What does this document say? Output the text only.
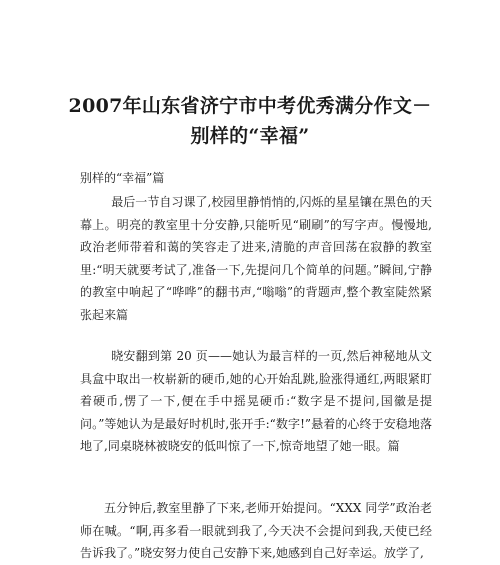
2007年山东省济宁市中考优秀满分作文－
别样的“幸福”

别样的“幸福”篇

最后一节自习课了,校园里静悄悄的,闪烁的星星镶在黑色的天幕上。明亮的教室里十分安静,只能听见“刷刷”的写字声。慢慢地,政治老师带着和蔼的笑容走了进来,清脆的声音回荡在寂静的教室里:“明天就要考试了,准备一下,先提问几个简单的问题。”瞬间,宁静的教室中响起了“哗哗”的翻书声,“嗡嗡”的背题声,整个教室陡然紧张起来篇

晓安翻到第 20 页——她认为最言样的一页,然后神秘地从文具盒中取出一枚崭新的硬币,她的心开始乱跳,脸涨得通红,两眼紧盯着硬币,愣了一下,便在手中摇晃硬币:“数字是不提问,国徽是提问。”等她认为是最好时机时,张开手:“数字!”悬着的心终于安稳地落地了,同桌晓林被晓安的低叫惊了一下,惊奇地望了她一眼。篇

五分钟后,教室里静了下来,老师开始提问。“XXX 同学”政治老师在喊。“啊,再多看一眼就到我了,今天决不会提问到我,天使已经告诉我了。”晓安努力使自己安静下来,她感到自己好幸运。放学了,
